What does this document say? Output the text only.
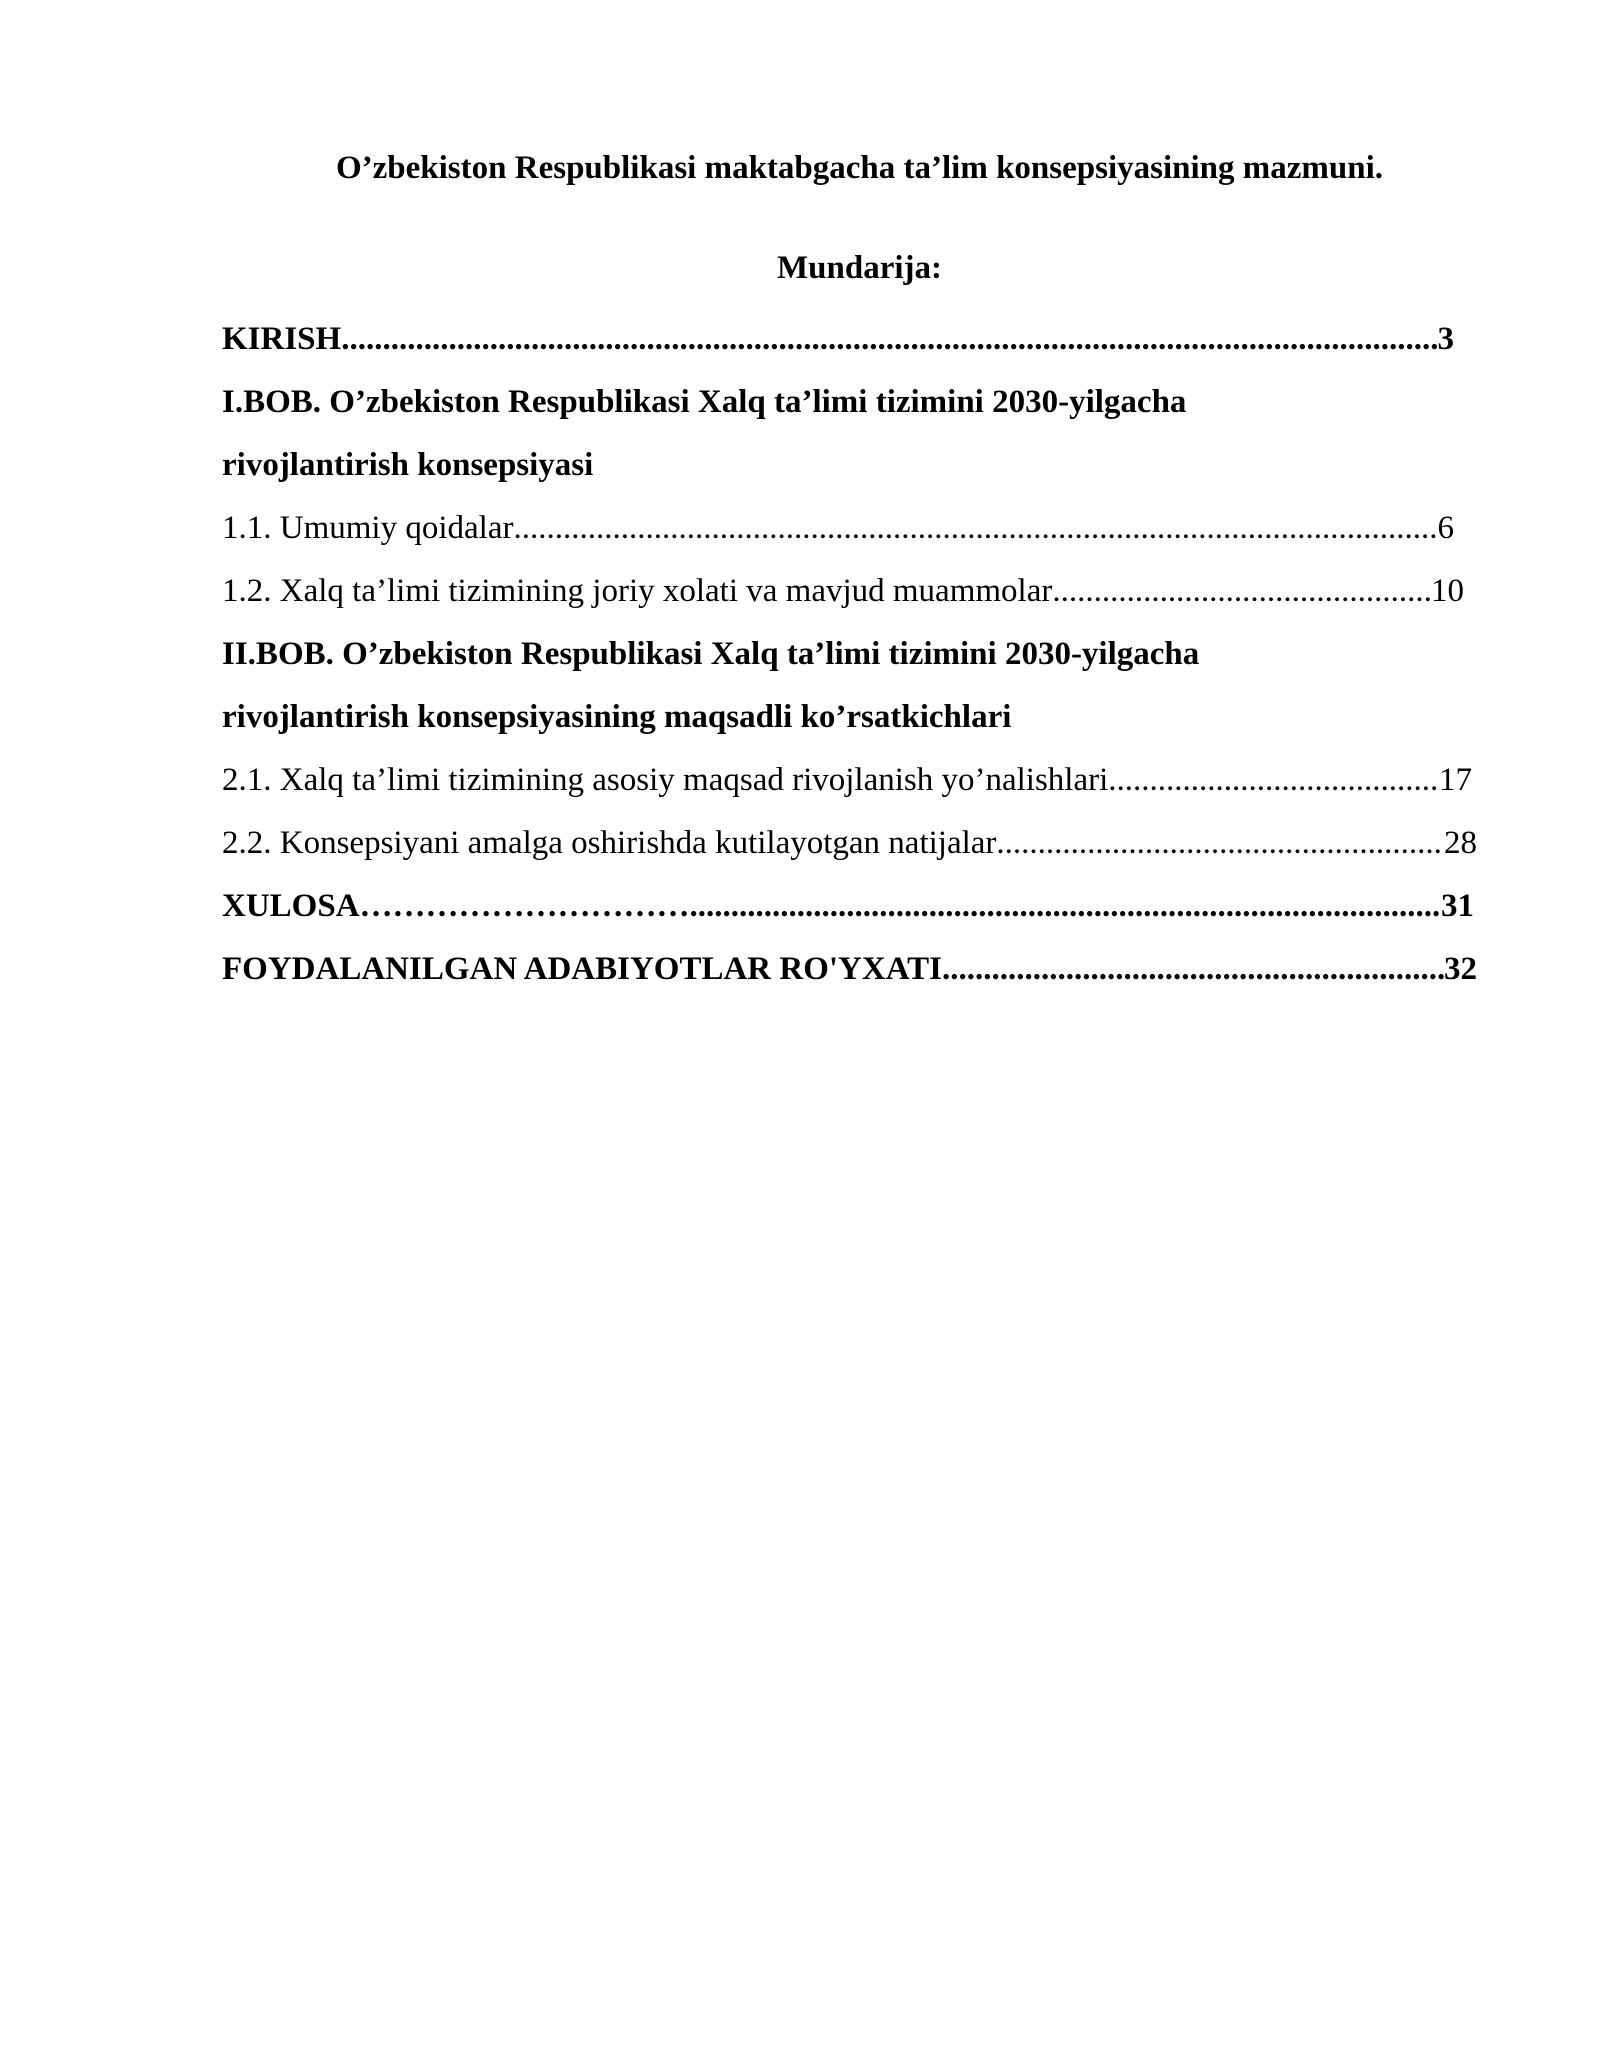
O’zbekiston Respublikasi maktabgacha ta’lim konsepsiyasining mazmuni.
Mundarija:
KIRISH .....	3
I.BOB. O’zbekiston Respublikasi Xalq ta’limi tizimini 2030-yilgacha
rivojlantirish konsepsiyasi
1.1. Umumiy qoidalar .....	6
1.2. Xalq ta’limi tizimining joriy xolati va mavjud muammolar .....	10
II.BOB. O’zbekiston Respublikasi Xalq ta’limi tizimini 2030-yilgacha
rivojlantirish konsepsiyasining maqsadli ko’rsatkichlari
2.1. Xalq ta’limi tizimining asosiy maqsad rivojlanish yo’nalishlari .....	17
2.2. Konsepsiyani amalga oshirishda kutilayotgan natijalar .....	28
XULOSA ………………………… .....	31
FOYDALANILGAN ADABIYOTLAR RO'YXATI .....	32
